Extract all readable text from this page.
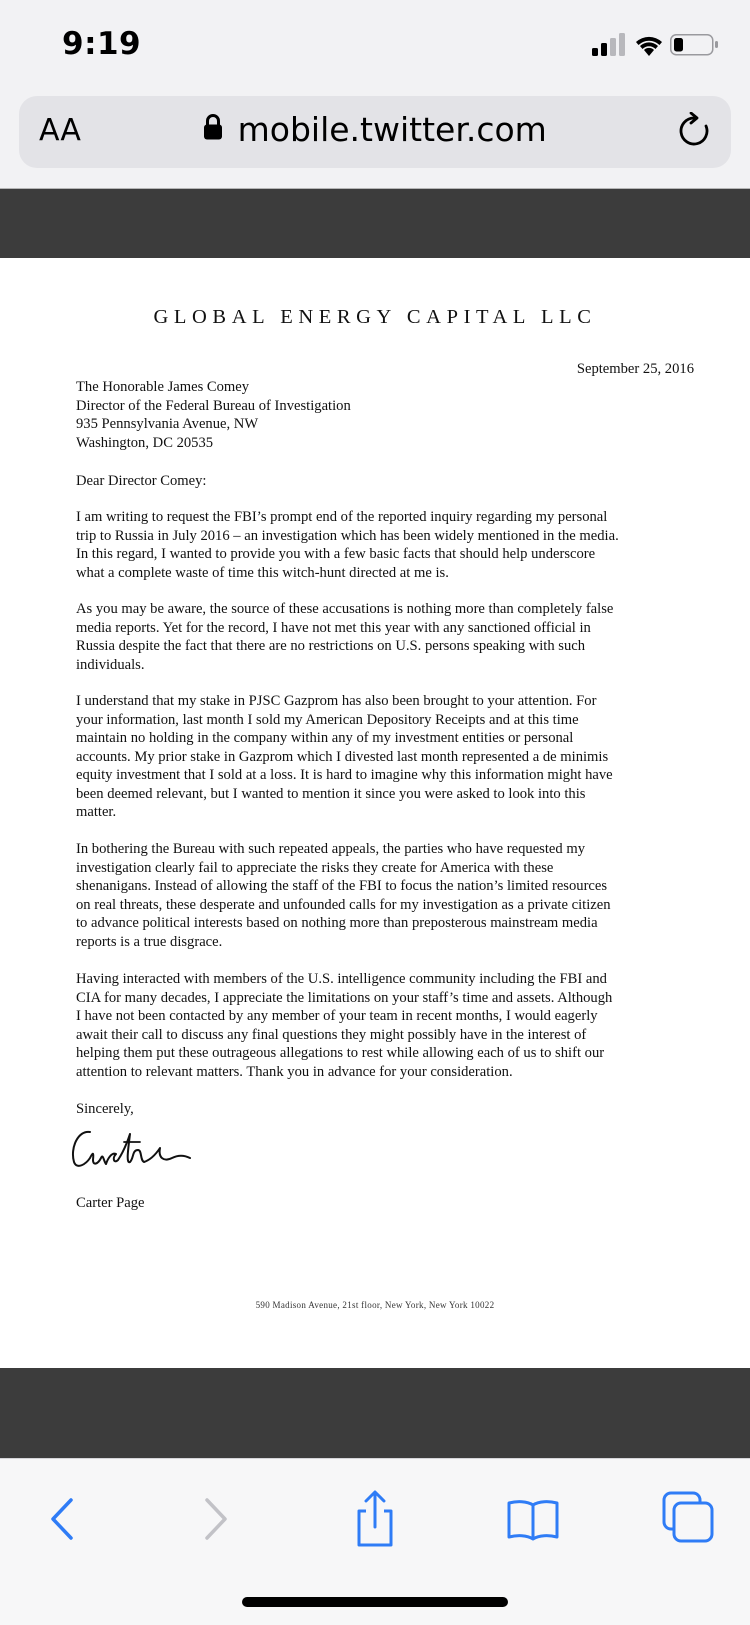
9:19
AA	mobile.twitter.com
GLOBAL ENERGY CAPITAL LLC
September 25, 2016
The Honorable James Comey
Director of the Federal Bureau of Investigation
935 Pennsylvania Avenue, NW
Washington, DC 20535
Dear Director Comey:
I am writing to request the FBI’s prompt end of the reported inquiry regarding my personal
trip to Russia in July 2016 – an investigation which has been widely mentioned in the media.
In this regard, I wanted to provide you with a few basic facts that should help underscore
what a complete waste of time this witch-hunt directed at me is.
As you may be aware, the source of these accusations is nothing more than completely false
media reports. Yet for the record, I have not met this year with any sanctioned official in
Russia despite the fact that there are no restrictions on U.S. persons speaking with such
individuals.
I understand that my stake in PJSC Gazprom has also been brought to your attention. For
your information, last month I sold my American Depository Receipts and at this time
maintain no holding in the company within any of my investment entities or personal
accounts. My prior stake in Gazprom which I divested last month represented a de minimis
equity investment that I sold at a loss. It is hard to imagine why this information might have
been deemed relevant, but I wanted to mention it since you were asked to look into this
matter.
In bothering the Bureau with such repeated appeals, the parties who have requested my
investigation clearly fail to appreciate the risks they create for America with these
shenanigans. Instead of allowing the staff of the FBI to focus the nation’s limited resources
on real threats, these desperate and unfounded calls for my investigation as a private citizen
to advance political interests based on nothing more than preposterous mainstream media
reports is a true disgrace.
Having interacted with members of the U.S. intelligence community including the FBI and
CIA for many decades, I appreciate the limitations on your staff’s time and assets. Although
I have not been contacted by any member of your team in recent months, I would eagerly
await their call to discuss any final questions they might possibly have in the interest of
helping them put these outrageous allegations to rest while allowing each of us to shift our
attention to relevant matters. Thank you in advance for your consideration.
Sincerely,
Carter Page
590 Madison Avenue, 21st floor, New York, New York 10022
